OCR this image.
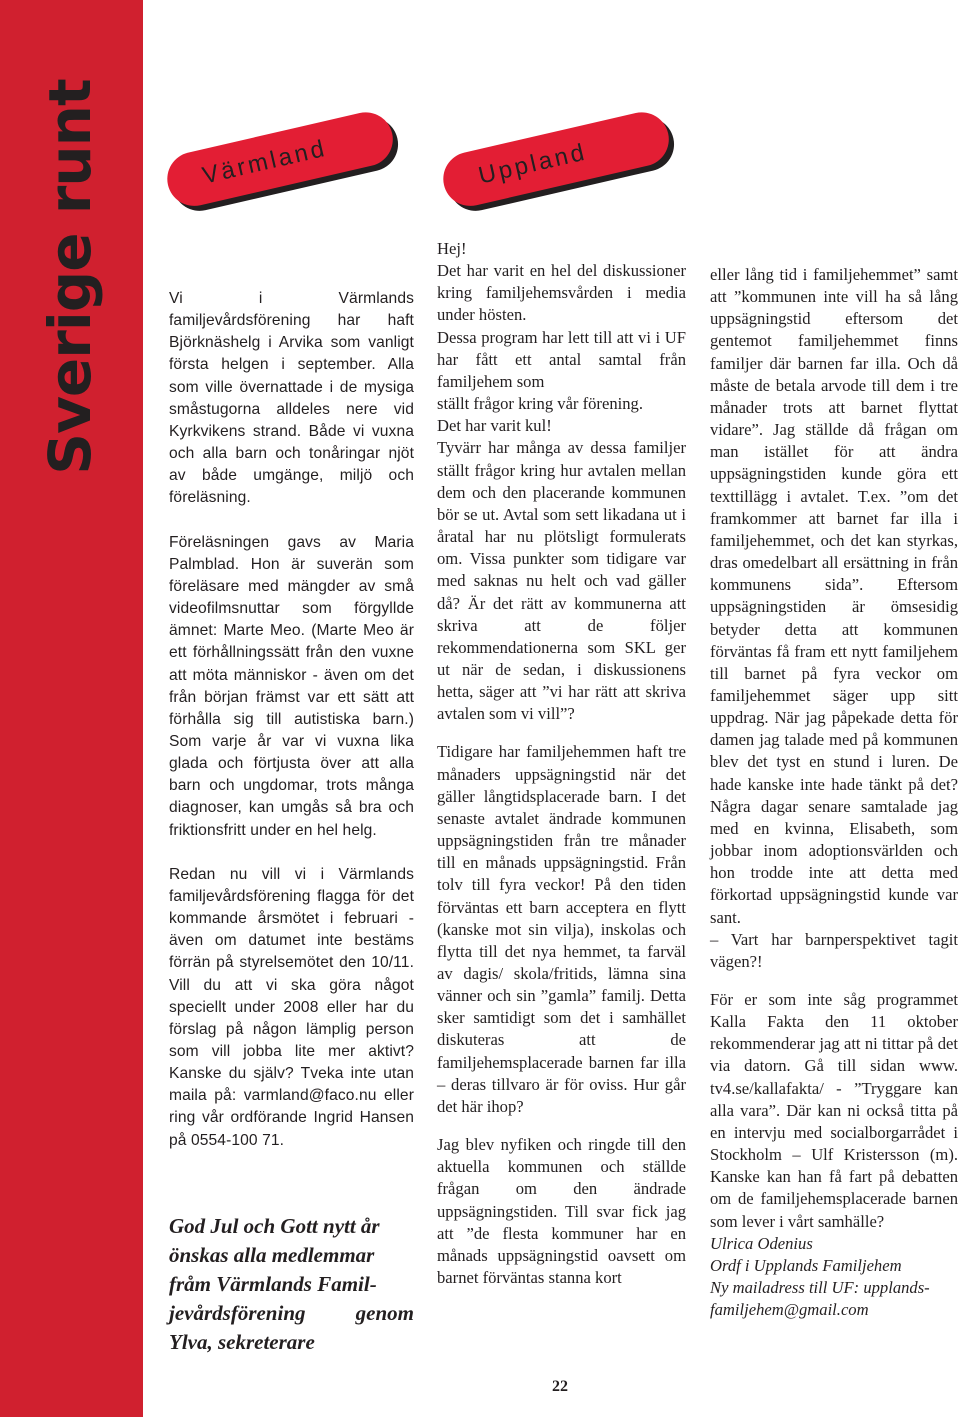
Sverige runt	Värmland	Uppland

Vi i Värmlands familjevårdsförening har haft Björknäshelg i Arvika som vanligt första helgen i september. Alla som ville övernattade i de mysiga småstugorna alldeles nere vid Kyrkvikens strand. Både vi vuxna och alla barn och tonåringar njöt av både umgänge, miljö och föreläsning.

Föreläsningen gavs av Maria Palmblad. Hon är suverän som föreläsare med mängder av små videofilmsnuttar som förgyllde ämnet: Marte Meo. (Marte Meo är ett förhållningssätt från den vuxne att möta människor - även om det från början främst var ett sätt att förhålla sig till autistiska barn.) Som varje år var vi vuxna lika glada och förtjusta över att alla barn och ungdomar, trots många diagnoser, kan umgås så bra och friktionsfritt under en hel helg.

Redan nu vill vi i Värmlands familjevårdsförening flagga för det kommande årsmötet i februari - även om datumet inte bestäms förrän på styrelsemötet den 10/11. Vill du att vi ska göra något speciellt under 2008 eller har du förslag på någon lämplig person som vill jobba lite mer aktivt? Kanske du själv? Tveka inte utan maila på: varmland@faco.nu eller ring vår ordförande Ingrid Hansen på 0554-100 71.

God Jul och Gott nytt år

önskas alla medlemmar

fråm Värmlands Famil-

jevårdsförening genom

Ylva, sekreterare

Hej!

Det har varit en hel del diskussioner kring familjehemsvården i media under hösten.

Dessa program har lett till att vi i UF har fått ett antal samtal från familjehem som

ställt frågor kring vår förening.

Det har varit kul!

Tyvärr har många av dessa familjer ställt frågor kring hur avtalen mellan dem och den placerande kommunen bör se ut. Avtal som sett likadana ut i åratal har nu plötsligt formulerats om. Vissa punkter som tidigare var med saknas nu helt och vad gäller då? Är det rätt av kommunerna att skriva att de följer rekommendationerna som SKL ger ut när de sedan, i diskussionens hetta, säger att ”vi har rätt att skriva avtalen som vi vill”?

Tidigare har familjehemmen haft tre månaders uppsägningstid när det gäller långtidsplacerade barn. I det senaste avtalet ändrade kommunen uppsägningstiden från tre månader till en månads uppsägningstid. Från tolv till fyra veckor! På den tiden förväntas ett barn acceptera en flytt (kanske mot sin vilja), inskolas och flytta till det nya hemmet, ta farväl av dagis/ skola/fritids, lämna sina vänner och sin ”gamla” familj. Detta sker samtidigt som det i samhället diskuteras att de familjehemsplacerade barnen far illa – deras tillvaro är för oviss. Hur går det här ihop?

Jag blev nyfiken och ringde till den aktuella kommunen och ställde frågan om den ändrade uppsägningstiden. Till svar fick jag att ”de flesta kommuner har en månads uppsägningstid oavsett om barnet förväntas stanna kort

eller lång tid i familjehemmet” samt att ”kommunen inte vill ha så lång uppsägningstid eftersom det gentemot familjehemmet finns familjer där barnen far illa. Och då måste de betala arvode till dem i tre månader trots att barnet flyttat vidare”. Jag ställde då frågan om man istället för att ändra uppsägningstiden kunde göra ett texttillägg i avtalet. T.ex. ”om det framkommer att barnet far illa i familjehemmet, och det kan styrkas, dras omedelbart all ersättning in från kommunens sida”. Eftersom uppsägningstiden är ömsesidig betyder detta att kommunen förväntas få fram ett nytt familjehem till barnet på fyra veckor om familjehemmet säger upp sitt uppdrag. När jag påpekade detta för damen jag talade med på kommunen blev det tyst en stund i luren. De hade kanske inte hade tänkt på det? Några dagar senare samtalade jag med en kvinna, Elisabeth, som jobbar inom adoptionsvärlden och hon trodde inte att detta med förkortad uppsägningstid kunde var sant.

– Vart har barnperspektivet tagit vägen?!

För er som inte såg programmet Kalla Fakta den 11 oktober rekommenderar jag att ni tittar på det via datorn. Gå till sidan www. tv4.se/kallafakta/ - ”Tryggare kan alla vara”. Där kan ni också titta på en intervju med socialborgarrådet i Stockholm – Ulf Kristersson (m). Kanske kan han få fart på debatten om de familjehemsplacerade barnen som lever i vårt samhälle?

Ulrica Odenius

Ordf i Upplands Familjehem

Ny mailadress till UF: upplands-

familjehem@gmail.com

22
